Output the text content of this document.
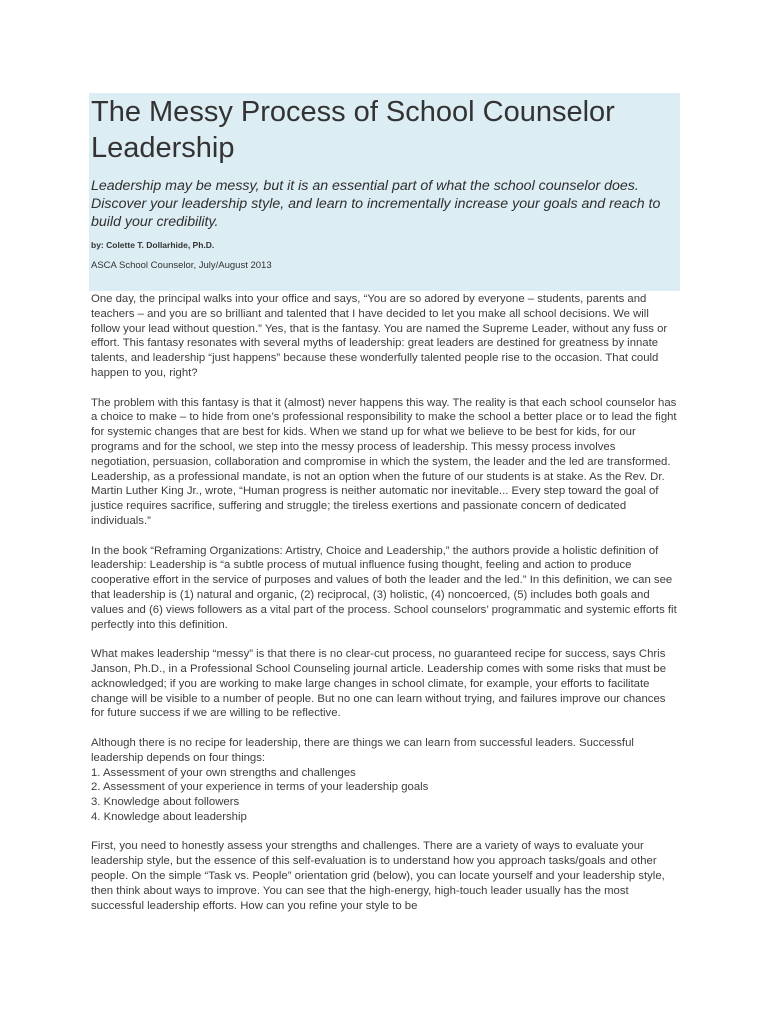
The Messy Process of School Counselor Leadership

Leadership may be messy, but it is an essential part of what the school counselor does. Discover your leadership style, and learn to incrementally increase your goals and reach to build your credibility.

by: Colette T. Dollarhide, Ph.D.

ASCA School Counselor, July/August 2013

One day, the principal walks into your office and says, “You are so adored by everyone – students, parents and teachers – and you are so brilliant and talented that I have decided to let you make all school decisions. We will follow your lead without question.” Yes, that is the fantasy. You are named the Supreme Leader, without any fuss or effort. This fantasy resonates with several myths of leadership: great leaders are destined for greatness by innate talents, and leadership “just happens” because these wonderfully talented people rise to the occasion. That could happen to you, right?

The problem with this fantasy is that it (almost) never happens this way. The reality is that each school counselor has a choice to make – to hide from one’s professional responsibility to make the school a better place or to lead the fight for systemic changes that are best for kids. When we stand up for what we believe to be best for kids, for our programs and for the school, we step into the messy process of leadership. This messy process involves negotiation, persuasion, collaboration and compromise in which the system, the leader and the led are transformed. Leadership, as a professional mandate, is not an option when the future of our students is at stake. As the Rev. Dr. Martin Luther King Jr., wrote, “Human progress is neither automatic nor inevitable... Every step toward the goal of justice requires sacrifice, suffering and struggle; the tireless exertions and passionate concern of dedicated individuals.”

In the book “Reframing Organizations: Artistry, Choice and Leadership,” the authors provide a holistic definition of leadership: Leadership is “a subtle process of mutual influence fusing thought, feeling and action to produce cooperative effort in the service of purposes and values of both the leader and the led.” In this definition, we can see that leadership is (1) natural and organic, (2) reciprocal, (3) holistic, (4) noncoerced, (5) includes both goals and values and (6) views followers as a vital part of the process. School counselors’ programmatic and systemic efforts fit perfectly into this definition.

What makes leadership “messy” is that there is no clear-cut process, no guaranteed recipe for success, says Chris Janson, Ph.D., in a Professional School Counseling journal article. Leadership comes with some risks that must be acknowledged; if you are working to make large changes in school climate, for example, your efforts to facilitate change will be visible to a number of people. But no one can learn without trying, and failures improve our chances for future success if we are willing to be reflective.

Although there is no recipe for leadership, there are things we can learn from successful leaders. Successful leadership depends on four things:

1. Assessment of your own strengths and challenges
2. Assessment of your experience in terms of your leadership goals
3. Knowledge about followers
4. Knowledge about leadership

First, you need to honestly assess your strengths and challenges. There are a variety of ways to evaluate your leadership style, but the essence of this self-evaluation is to understand how you approach tasks/goals and other people. On the simple “Task vs. People” orientation grid (below), you can locate yourself and your leadership style, then think about ways to improve. You can see that the high-energy, high-touch leader usually has the most successful leadership efforts. How can you refine your style to be
